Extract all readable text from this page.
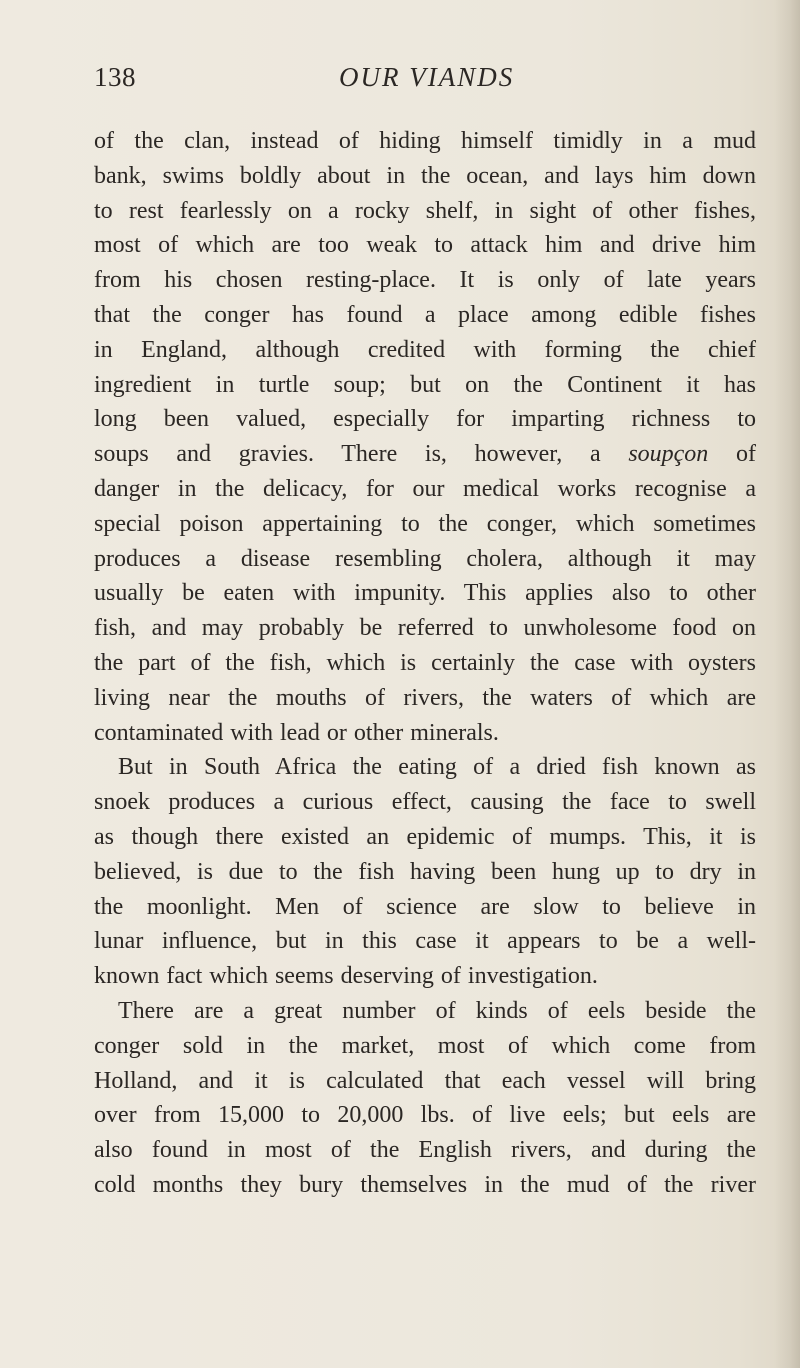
138	OUR VIANDS
of the clan, instead of hiding himself timidly in a mud
bank, swims boldly about in the ocean, and lays him down
to rest fearlessly on a rocky shelf, in sight of other fishes,
most of which are too weak to attack him and drive him
from his chosen resting-place. It is only of late years
that the conger has found a place among edible fishes
in England, although credited with forming the chief
ingredient in turtle soup; but on the Continent it has
long been valued, especially for imparting richness to
soups and gravies. There is, however, a soupçon of
danger in the delicacy, for our medical works recognise a
special poison appertaining to the conger, which sometimes
produces a disease resembling cholera, although it may
usually be eaten with impunity. This applies also to other
fish, and may probably be referred to unwholesome food on
the part of the fish, which is certainly the case with oysters
living near the mouths of rivers, the waters of which are
contaminated with lead or other minerals.
But in South Africa the eating of a dried fish known as
snoek produces a curious effect, causing the face to swell
as though there existed an epidemic of mumps. This, it is
believed, is due to the fish having been hung up to dry in
the moonlight. Men of science are slow to believe in
lunar influence, but in this case it appears to be a well-
known fact which seems deserving of investigation.
There are a great number of kinds of eels beside the
conger sold in the market, most of which come from
Holland, and it is calculated that each vessel will bring
over from 15,000 to 20,000 lbs. of live eels; but eels are
also found in most of the English rivers, and during the
cold months they bury themselves in the mud of the river
